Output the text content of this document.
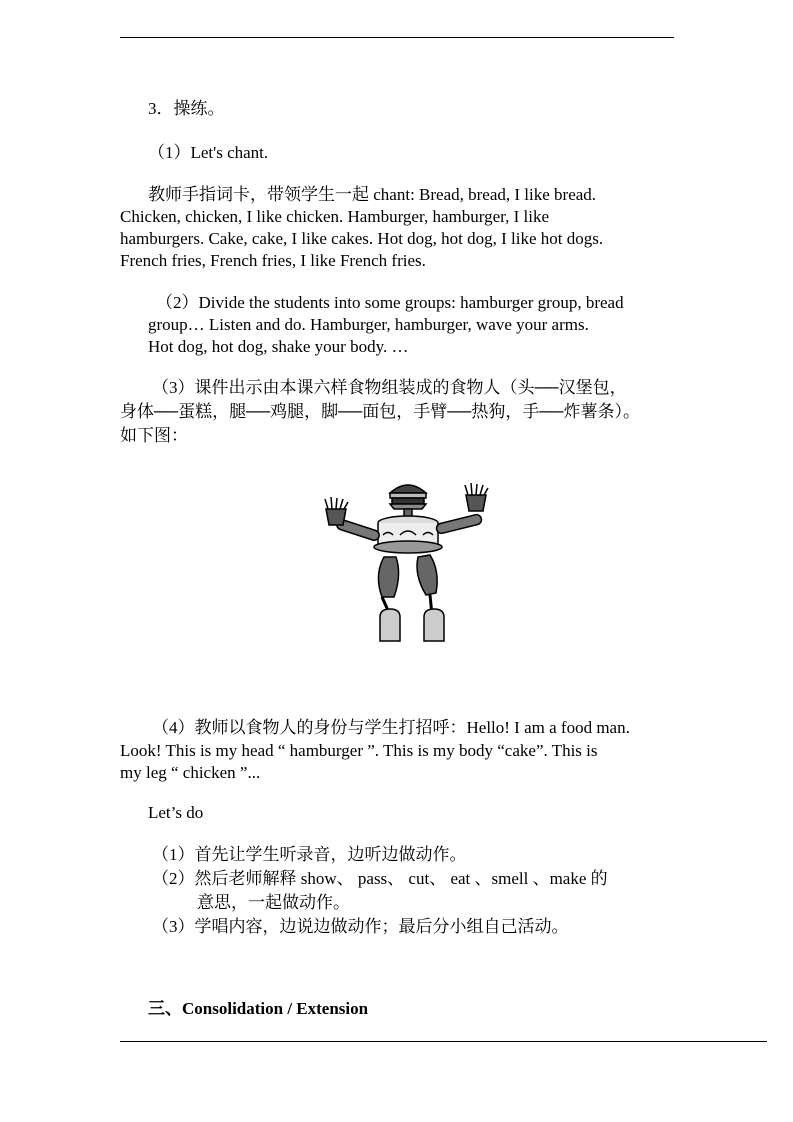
3．操练。
（1）Let's chant.
教师手指词卡，带领学生一起 chant: Bread, bread, I like bread.
Chicken, chicken, I like chicken. Hamburger, hamburger, I like
hamburgers. Cake, cake, I like cakes. Hot dog, hot dog, I like hot dogs.
French fries, French fries, I like French fries.
（2）Divide the students into some groups: hamburger group, bread
group… Listen and do. Hamburger, hamburger, wave your arms.
Hot dog, hot dog, shake your body. …
（3）课件出示由本课六样食物组装成的食物人（头──汉堡包，
身体──蛋糕，腿──鸡腿，脚──面包，手臂──热狗，手──炸薯条）。
如下图：
（4）教师以食物人的身份与学生打招呼：Hello! I am a food man.
Look! This is my head “ hamburger ”. This is my body “cake”. This is
my leg “ chicken ”...
Let’s do
（1）首先让学生听录音，边听边做动作。
（2）然后老师解释 show、 pass、 cut、 eat 、smell 、make 的
意思，一起做动作。
（3）学唱内容，边说边做动作；最后分小组自己活动。
三、Consolidation / Extension
